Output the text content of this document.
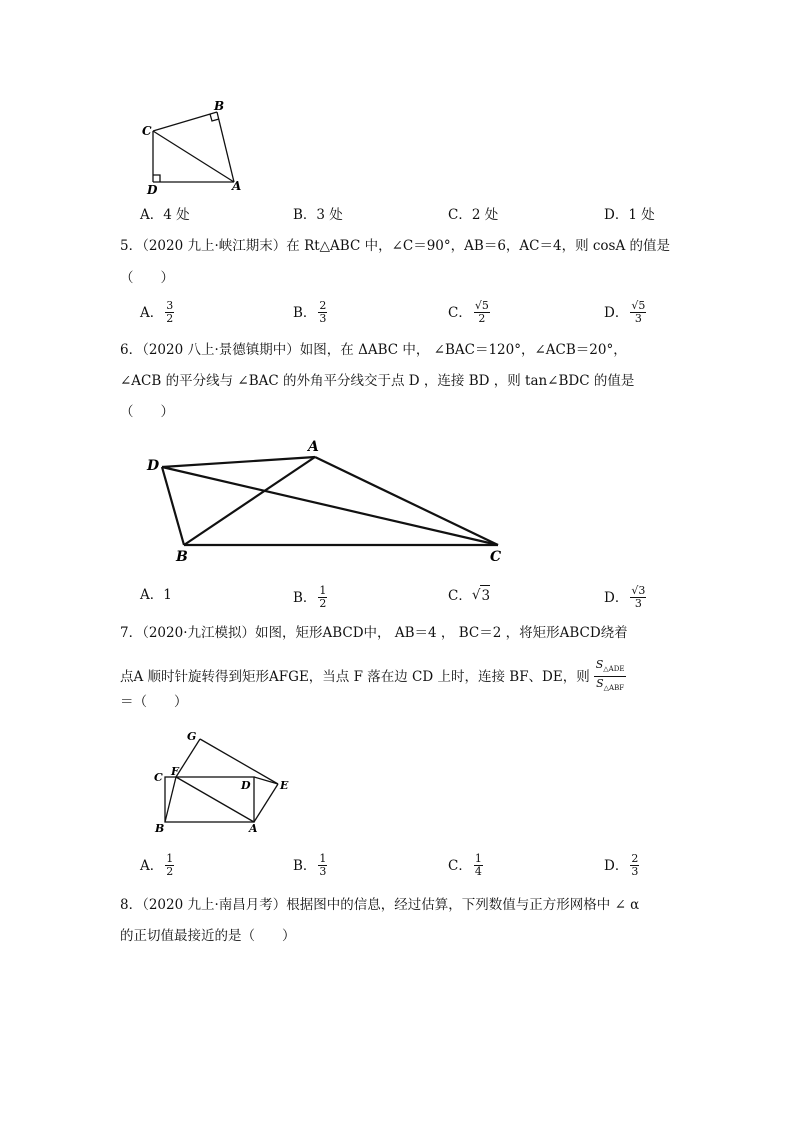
B
C
D	A
A．4 处	B．3 处	C．2 处	D．1 处
5．（2020 九上·峡江期末）在 Rt△ABC 中，∠C＝90°，AB＝6，AC＝4，则 cosA 的值是
（　　）
A． $\frac{3}{2}$	B． $\frac{2}{3}$	C． $\frac{√5}{2}$	D． $\frac{√5}{3}$
6．（2020 八上·景德镇期中）如图，在 ΔABC 中， ∠BAC＝120°，∠ACB＝20°，
∠ACB 的平分线与 ∠BAC 的外角平分线交于点 D ，连接 BD ，则 tan∠BDC 的值是
（　　）
D
A
B	C
A． 1	B． $\frac{1}{2}$	C． √ 3	D． $\frac{√3}{3}$
7．（2020·九江模拟）如图，矩形ABCD中， AB＝4 ， BC＝2 ，将矩形ABCD绕着
点A 顺时针旋转得到矩形AFGE，当点 F 落在边 CD 上时，连接 BF、DE，则 $\frac{S_{\triangle ADE}}{S_{\triangle ABF}}$
＝（　　）
G
C F
D	E
B	A
A． $\frac{1}{2}$	B． $\frac{1}{3}$	C． $\frac{1}{4}$	D． $\frac{2}{3}$
8．（2020 九上·南昌月考）根据图中的信息，经过估算，下列数值与正方形网格中 ∠ α
的正切值最接近的是（　　）
